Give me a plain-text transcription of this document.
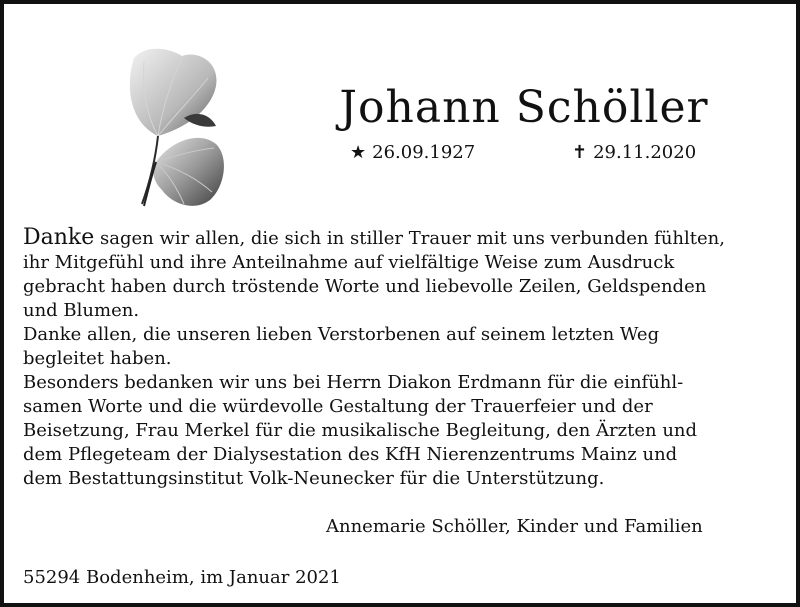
Johann Schöller
★ 26.09.1927	✝ 29.11.2020
Danke sagen wir allen, die sich in stiller Trauer mit uns verbunden fühlten,
ihr Mitgefühl und ihre Anteilnahme auf vielfältige Weise zum Ausdruck
gebracht haben durch tröstende Worte und liebevolle Zeilen, Geldspenden
und Blumen.
Danke allen, die unseren lieben Verstorbenen auf seinem letzten Weg
begleitet haben.
Besonders bedanken wir uns bei Herrn Diakon Erdmann für die einfühl-
samen Worte und die würdevolle Gestaltung der Trauerfeier und der
Beisetzung, Frau Merkel für die musikalische Begleitung, den Ärzten und
dem Pflegeteam der Dialysestation des KfH Nierenzentrums Mainz und
dem Bestattungsinstitut Volk-Neunecker für die Unterstützung.
Annemarie Schöller, Kinder und Familien
55294 Bodenheim, im Januar 2021
